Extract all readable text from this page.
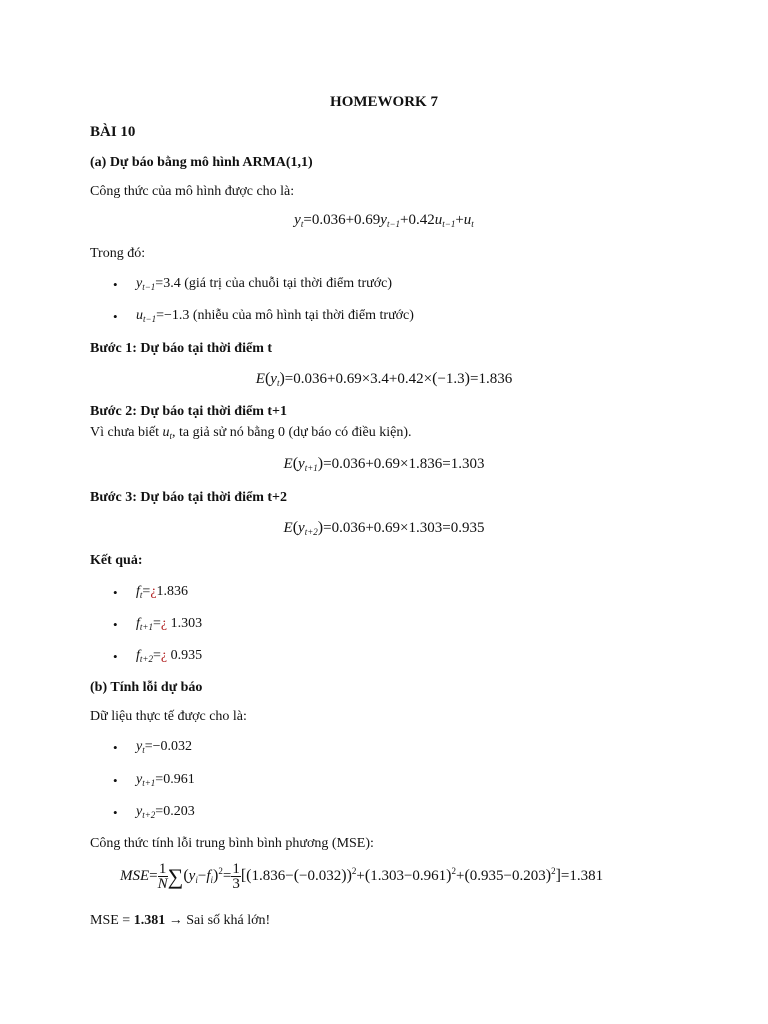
HOMEWORK 7
BÀI 10
(a) Dự báo bằng mô hình ARMA(1,1)
Công thức của mô hình được cho là:
$y_t=0.036+0.69y_{t-1}+0.42u_{t-1}+u_t$
Trong đó:
• $y_{t-1}=3.4$ (giá trị của chuỗi tại thời điểm trước)
• $u_{t-1}=-1.3$ (nhiễu của mô hình tại thời điểm trước)
Bước 1: Dự báo tại thời điểm t
$E(y_t)=0.036+0.69\times 3.4+0.42\times(-1.3)=1.836$
Bước 2: Dự báo tại thời điểm t+1
Vì chưa biết $u_t$, ta giả sử nó bằng 0 (dự báo có điều kiện).
$E(y_{t+1})=0.036+0.69\times 1.836=1.303$
Bước 3: Dự báo tại thời điểm t+2
$E(y_{t+2})=0.036+0.69\times 1.303=0.935$
Kết quả:
• $f_t=¿1.836$
• $f_{t+1}=¿$ 1.303
• $f_{t+2}=¿$ 0.935
(b) Tính lỗi dự báo
Dữ liệu thực tế được cho là:
• $y_t=-0.032$
• $y_{t+1}=0.961$
• $y_{t+2}=0.203$
Công thức tính lỗi trung bình bình phương (MSE):
$MSE= \frac{1}{N} \sum(y_i-f_i)^2= \frac{1}{3} [(1.836-(-0.032))^2+(1.303-0.961)^2+(0.935-0.203)^2]=1.381$
MSE = 1.381 → Sai số khá lớn!
